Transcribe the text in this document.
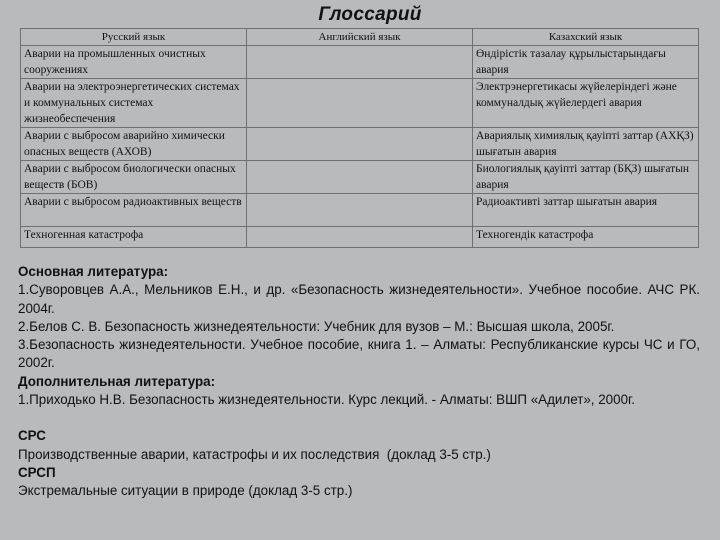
Глоссарий
Русский язык	Английский язык	Казахский язык
Аварии на промышленных очистных сооружениях		Өндірістік тазалау құрылыстарындағы авария
Аварии на электроэнергетических системах и коммунальных системах жизнеобеспечения		Электрэнергетикасы жүйелеріндегі және коммуналдық жүйелердегі авария
Аварии с выбросом аварийно химически опасных веществ (АХОВ)		Авариялық химиялық қауіпті заттар (АХҚЗ) шығатын авария
Аварии с выбросом биологически опасных веществ (БОВ)		Биологиялық қауіпті заттар (БҚЗ) шығатын авария
Аварии с выбросом радиоактивных веществ		Радиоактивті заттар шығатын авария
Техногенная катастрофа		Техногендік катастрофа

Основная литература:

1.Суворовцев А.А., Мельников Е.Н., и др. «Безопасность жизнедеятельности». Учебное пособие. АЧС РК. 2004г.

2.Белов С. В. Безопасность жизнедеятельности: Учебник для вузов – М.: Высшая школа, 2005г.

3.Безопасность жизнедеятельности. Учебное пособие, книга 1. – Алматы: Республиканские курсы ЧС и ГО, 2002г.

Дополнительная литература:

1.Приходько Н.В. Безопасность жизнедеятельности. Курс лекций. - Алматы: ВШП «Адилет», 2000г.

СРС

Производственные аварии, катастрофы и их последствия  (доклад 3-5 стр.)

СРСП

Экстремальные ситуации в природе (доклад 3-5 стр.)
